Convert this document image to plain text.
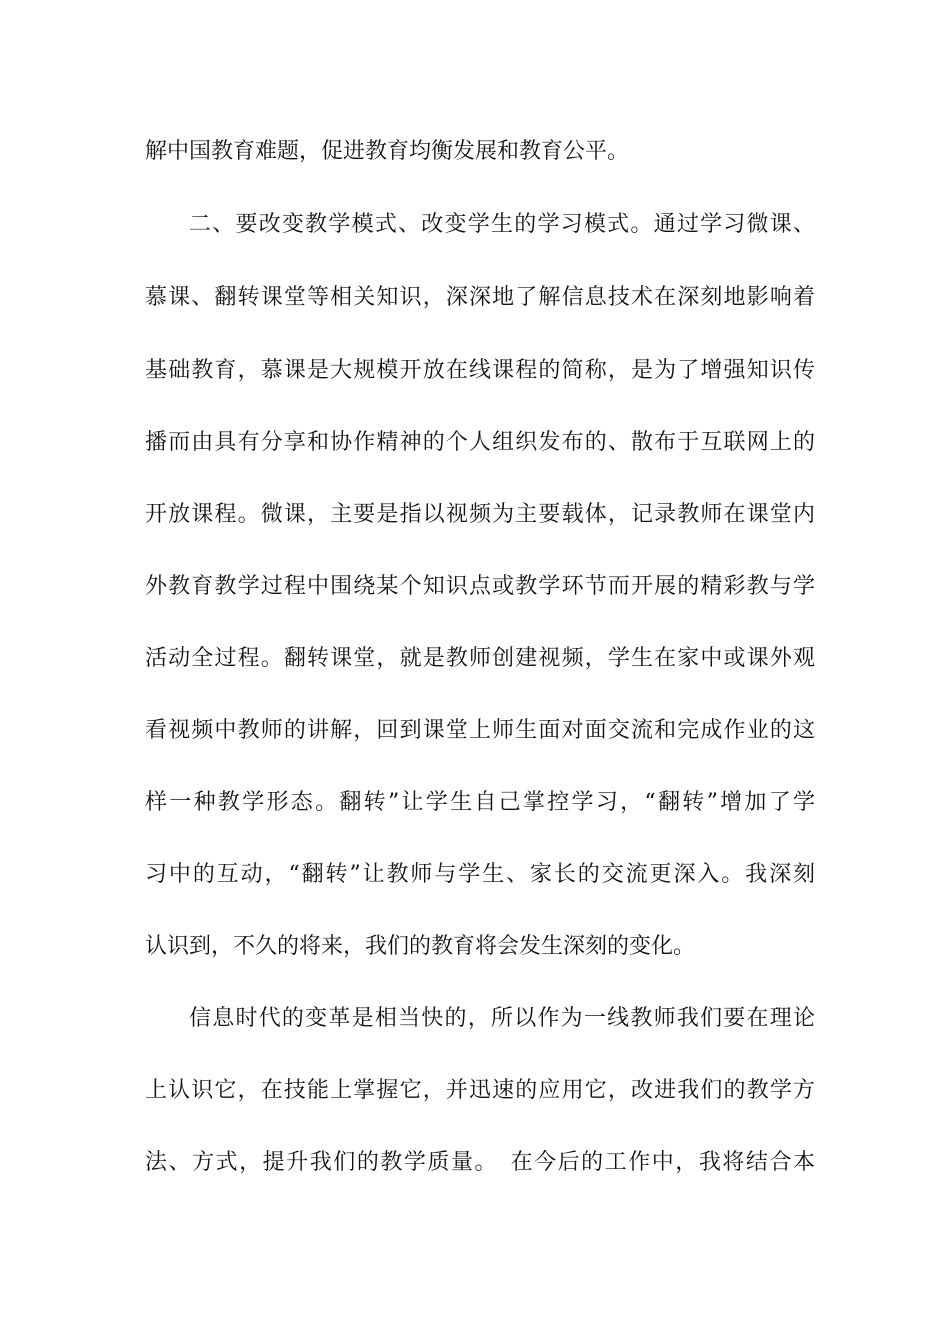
解中国教育难题，促进教育均衡发展和教育公平。
二、要改变教学模式、改变学生的学习模式。通过学习微课、
慕课、翻转课堂等相关知识，深深地了解信息技术在深刻地影响着
基础教育，慕课是大规模开放在线课程的简称，是为了增强知识传
播而由具有分享和协作精神的个人组织发布的、散布于互联网上的
开放课程。微课，主要是指以视频为主要载体，记录教师在课堂内
外教育教学过程中围绕某个知识点或教学环节而开展的精彩教与学
活动全过程。翻转课堂，就是教师创建视频，学生在家中或课外观
看视频中教师的讲解，回到课堂上师生面对面交流和完成作业的这
样一种教学形态。翻转”让学生自己掌控学习，“翻转”增加了学
习中的互动，“翻转”让教师与学生、家长的交流更深入。我深刻
认识到，不久的将来，我们的教育将会发生深刻的变化。
信息时代的变革是相当快的，所以作为一线教师我们要在理论
上认识它，在技能上掌握它，并迅速的应用它，改进我们的教学方
法、方式，提升我们的教学质量。　在今后的工作中，我将结合本
